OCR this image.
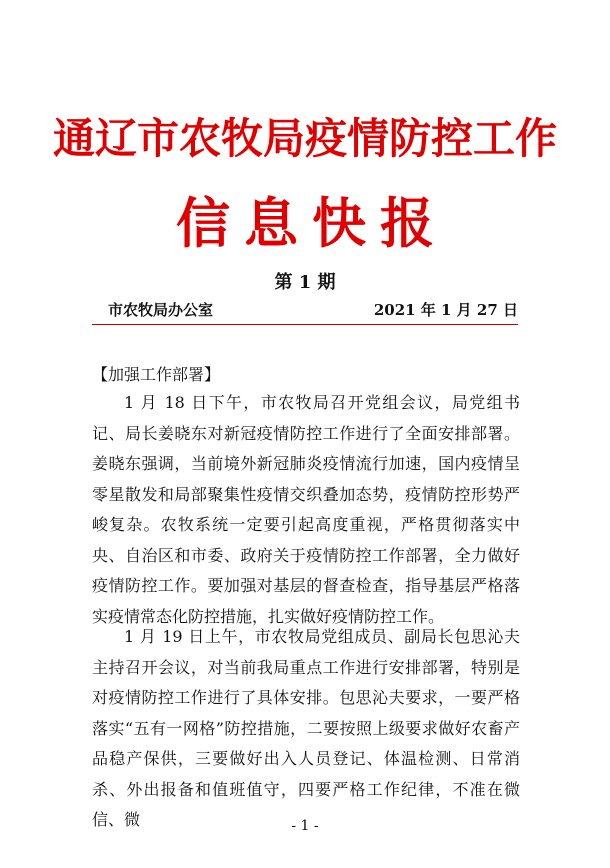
通辽市农牧局疫情防控工作
信息快报
第 1 期
市农牧局办公室	2021 年 1 月 27 日
【加强工作部署】

1 月 18 日下午，市农牧局召开党组会议，局党组书记、局长姜晓东对新冠疫情防控工作进行了全面安排部署。姜晓东强调，当前境外新冠肺炎疫情流行加速，国内疫情呈零星散发和局部聚集性疫情交织叠加态势，疫情防控形势严峻复杂。农牧系统一定要引起高度重视，严格贯彻落实中央、自治区和市委、政府关于疫情防控工作部署，全力做好疫情防控工作。要加强对基层的督查检查，指导基层严格落实疫情常态化防控措施，扎实做好疫情防控工作。

1 月 19 日上午，市农牧局党组成员、副局长包思沁夫主持召开会议，对当前我局重点工作进行安排部署，特别是对疫情防控工作进行了具体安排。包思沁夫要求，一要严格落实“五有一网格”防控措施，二要按照上级要求做好农畜产品稳产保供，三要做好出入人员登记、体温检测、日常消杀、外出报备和值班值守，四要严格工作纪律，不准在微信、微	- 1 -
